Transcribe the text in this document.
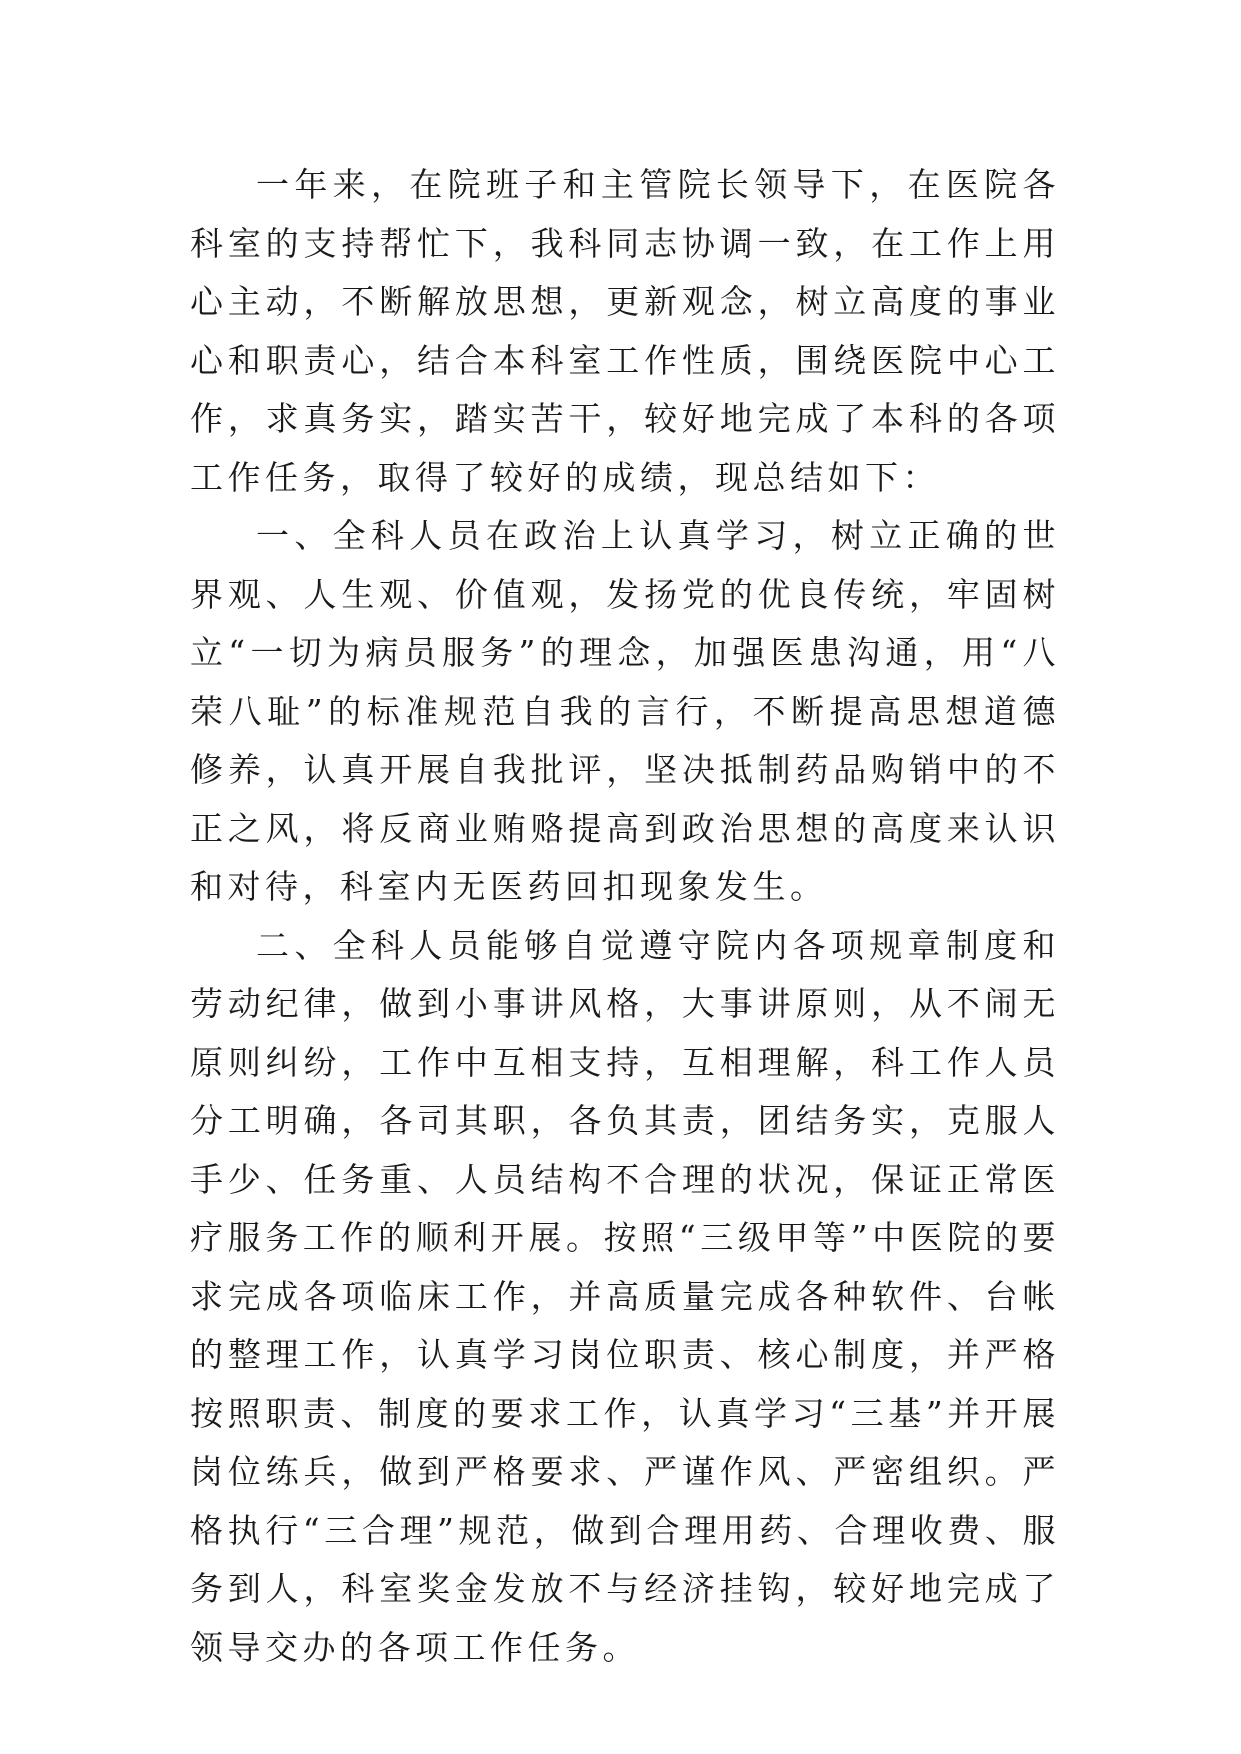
一年来，在院班子和主管院长领导下，在医院各科室的支持帮忙下，我科同志协调一致，在工作上用心主动，不断解放思想，更新观念，树立高度的事业心和职责心，结合本科室工作性质，围绕医院中心工作，求真务实，踏实苦干，较好地完成了本科的各项工作任务，取得了较好的成绩，现总结如下：

一、全科人员在政治上认真学习，树立正确的世界观、人生观、价值观，发扬党的优良传统，牢固树立“一切为病员服务”的理念，加强医患沟通，用“八荣八耻”的标准规范自我的言行，不断提高思想道德修养，认真开展自我批评，坚决抵制药品购销中的不正之风，将反商业贿赂提高到政治思想的高度来认识和对待，科室内无医药回扣现象发生。

二、全科人员能够自觉遵守院内各项规章制度和劳动纪律，做到小事讲风格，大事讲原则，从不闹无原则纠纷，工作中互相支持，互相理解，科工作人员分工明确，各司其职，各负其责，团结务实，克服人手少、任务重、人员结构不合理的状况，保证正常医疗服务工作的顺利开展。按照“三级甲等”中医院的要求完成各项临床工作，并高质量完成各种软件、台帐的整理工作，认真学习岗位职责、核心制度，并严格按照职责、制度的要求工作，认真学习“三基”并开展岗位练兵，做到严格要求、严谨作风、严密组织。严格执行“三合理”规范，做到合理用药、合理收费、服务到人，科室奖金发放不与经济挂钩，较好地完成了领导交办的各项工作任务。
